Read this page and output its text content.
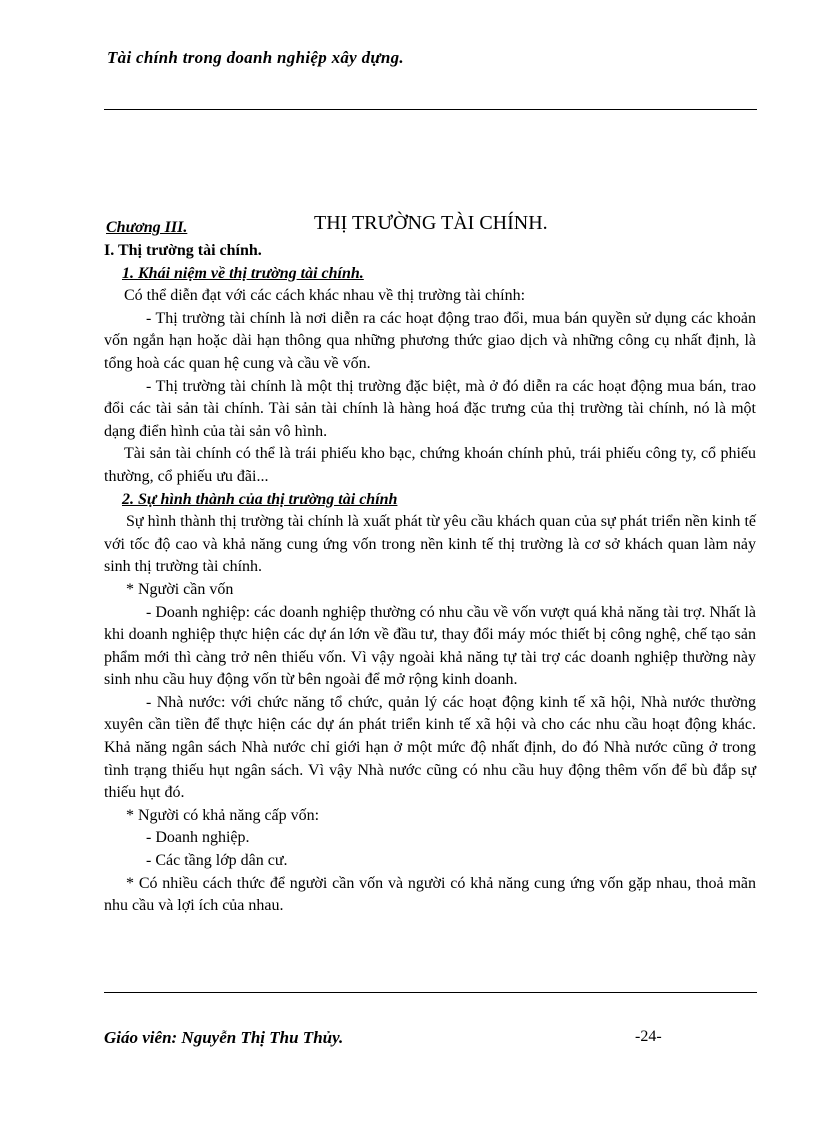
Tài chính trong doanh nghiệp xây dựng.
Chương III.	THỊ TRƯỜNG TÀI CHÍNH.
I. Thị trường tài chính.
1. Khái niệm về thị trường tài chính.

Có thể diễn đạt với các cách khác nhau về thị trường tài chính:

- Thị trường tài chính là nơi diễn ra các hoạt động trao đổi, mua bán quyền sử dụng các khoản vốn ngắn hạn hoặc dài hạn thông qua những phương thức giao dịch và những công cụ nhất định, là tổng hoà các quan hệ cung và cầu về vốn.

- Thị trường tài chính là một thị trường đặc biệt, mà ở đó diễn ra các hoạt động mua bán, trao đổi các tài sản tài chính. Tài sản tài chính là hàng hoá đặc trưng của thị trường tài chính, nó là một dạng điển hình của tài sản vô hình.

Tài sản tài chính có thể là trái phiếu kho bạc, chứng khoán chính phủ, trái phiếu công ty, cổ phiếu thường, cổ phiếu ưu đãi...

2. Sự hình thành của thị trường tài chính

Sự hình thành thị trường tài chính là xuất phát từ yêu cầu khách quan của sự phát triển nền kinh tế với tốc độ cao và khả năng cung ứng vốn trong nền kinh tế thị trường là cơ sở khách quan làm nảy sinh thị trường tài chính.

* Người cần vốn

- Doanh nghiệp: các doanh nghiệp thường có nhu cầu về vốn vượt quá khả năng tài trợ. Nhất là khi doanh nghiệp thực hiện các dự án lớn về đầu tư, thay đổi máy móc thiết bị công nghệ, chế tạo sản phẩm mới thì càng trở nên thiếu vốn. Vì vậy ngoài khả năng tự tài trợ các doanh nghiệp thường này sinh nhu cầu huy động vốn từ bên ngoài để mở rộng kinh doanh.

- Nhà nước: với chức năng tổ chức, quản lý các hoạt động kinh tế xã hội, Nhà nước thường xuyên cần tiền để thực hiện các dự án phát triển kinh tế xã hội và cho các nhu cầu hoạt động khác. Khả năng ngân sách Nhà nước chỉ giới hạn ở một mức độ nhất định, do đó Nhà nước cũng ở trong tình trạng thiếu hụt ngân sách. Vì vậy Nhà nước cũng có nhu cầu huy động thêm vốn để bù đắp sự thiếu hụt đó.

* Người có khả năng cấp vốn:

- Doanh nghiệp.

- Các tầng lớp dân cư.

* Có nhiều cách thức để người cần vốn và người có khả năng cung ứng vốn gặp nhau, thoả mãn nhu cầu và lợi ích của nhau.

Giáo viên: Nguyễn Thị Thu Thủy.	-24-
